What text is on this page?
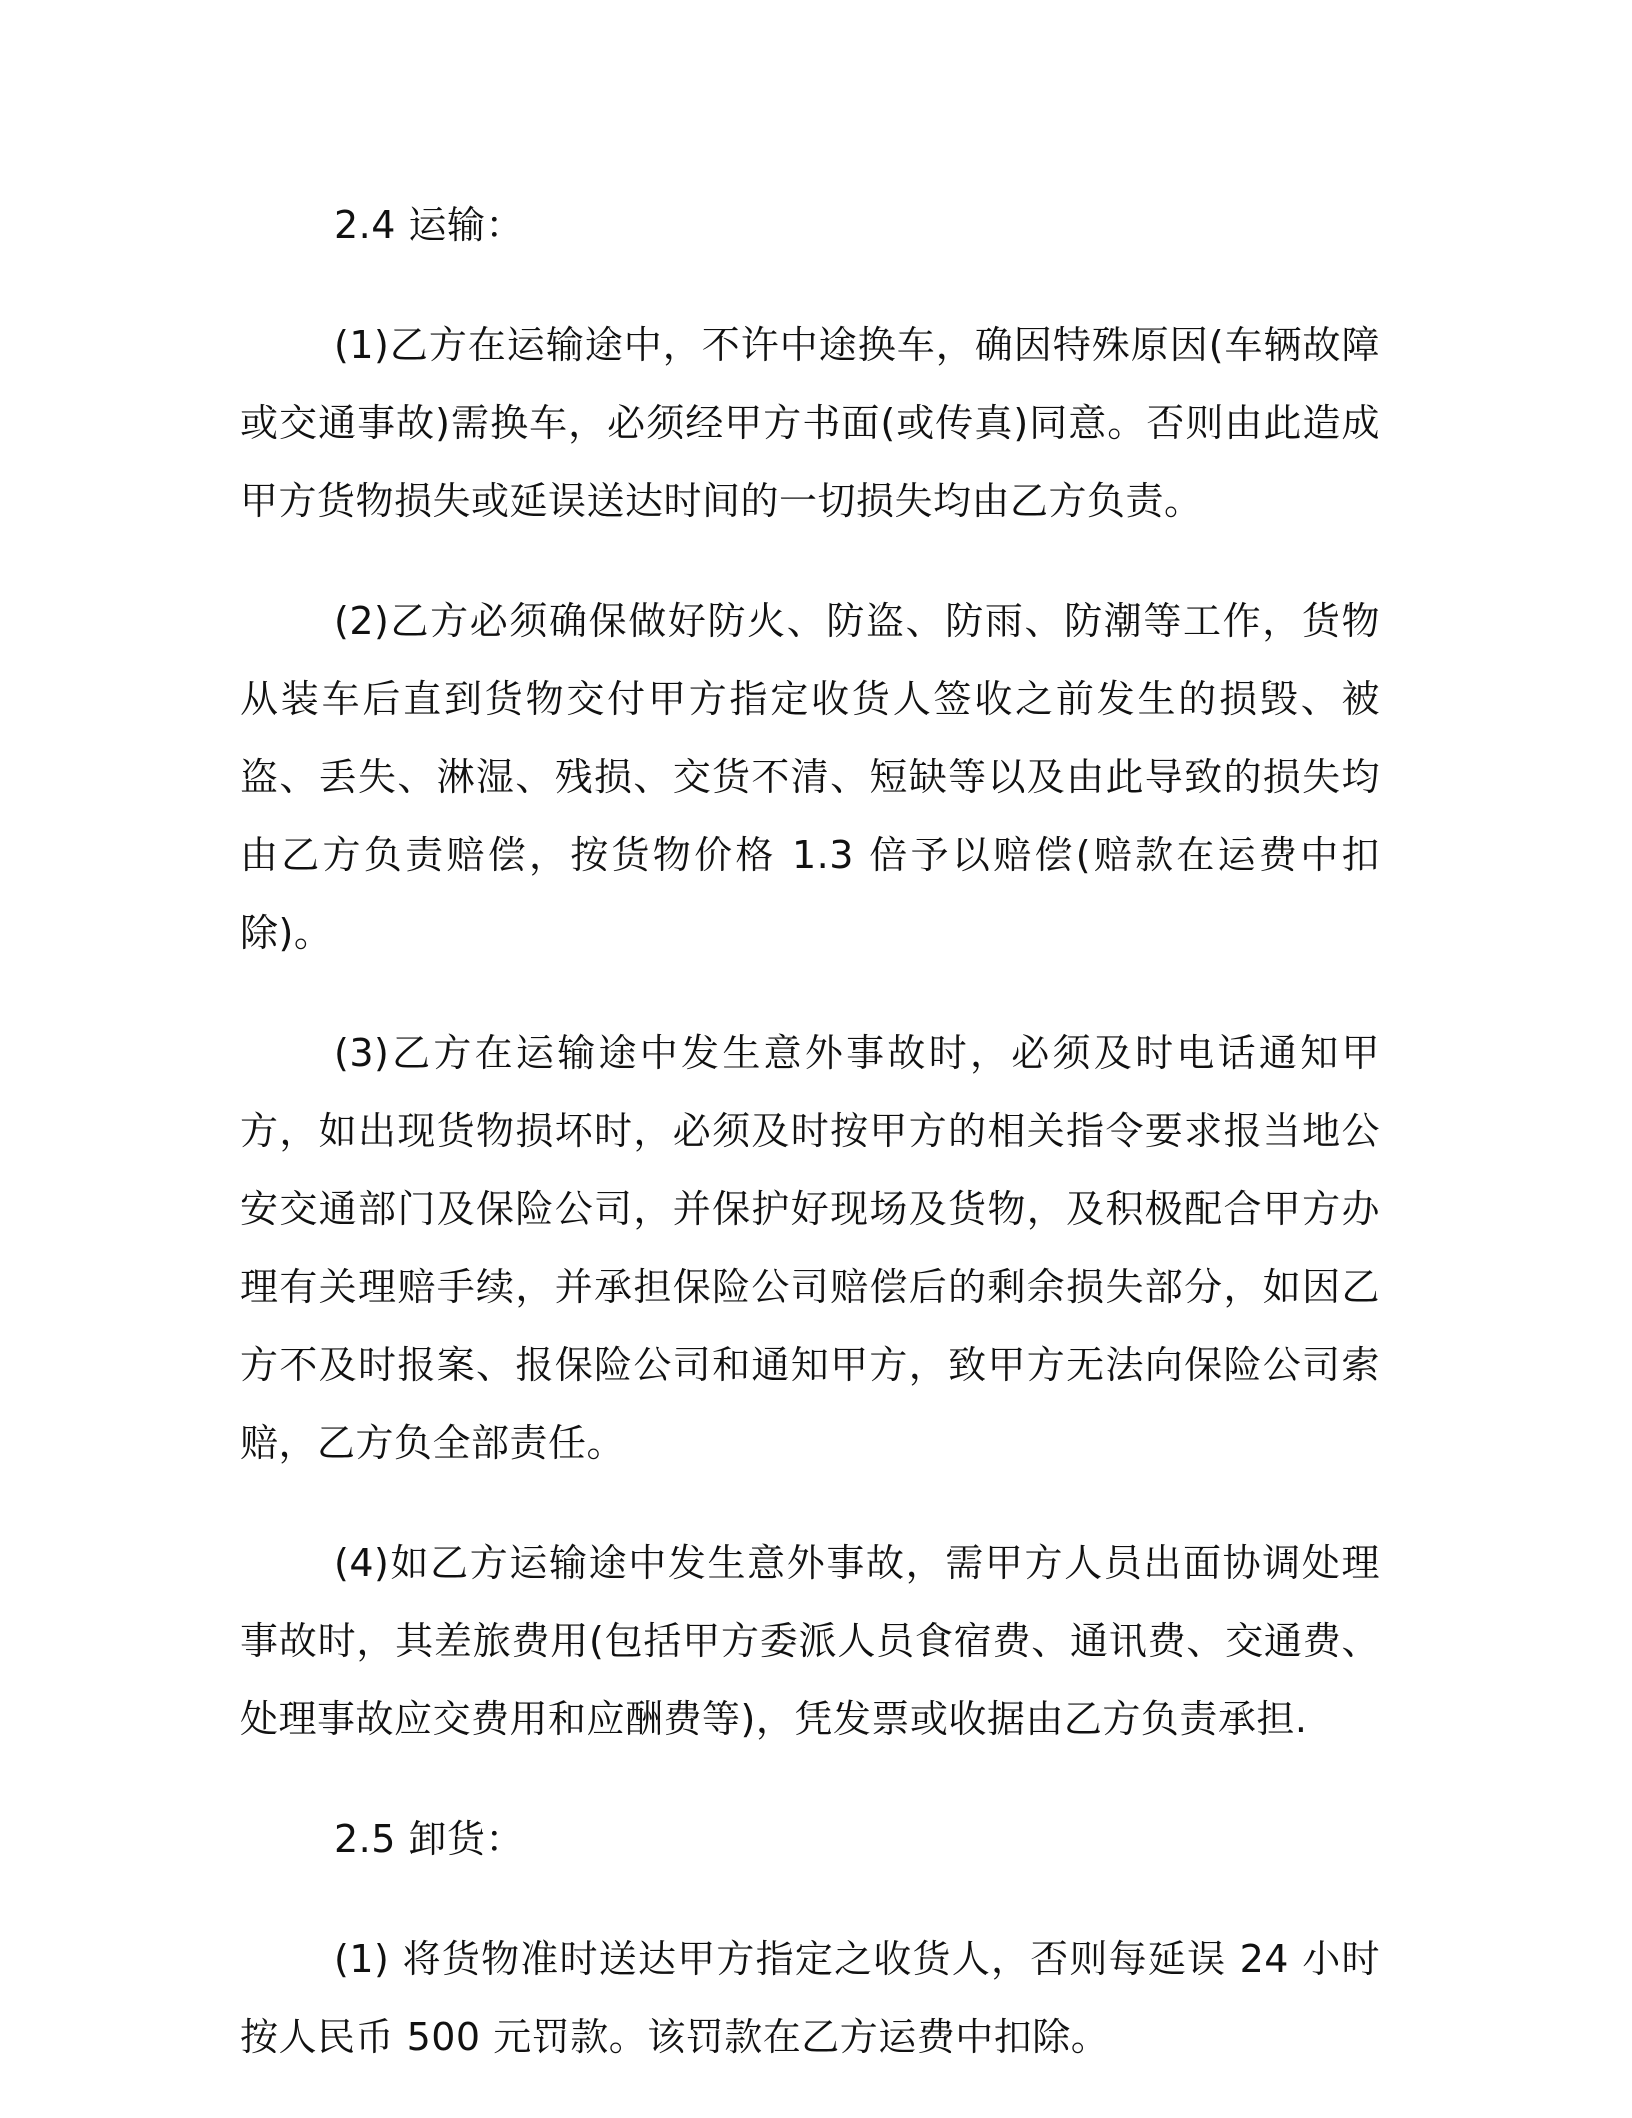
2.4 运输：

(1)乙方在运输途中，不许中途换车，确因特殊原因(车辆故障或交通事故)需换车，必须经甲方书面(或传真)同意。否则由此造成甲方货物损失或延误送达时间的一切损失均由乙方负责。

(2)乙方必须确保做好防火、防盗、防雨、防潮等工作，货物从装车后直到货物交付甲方指定收货人签收之前发生的损毁、被盗、丢失、淋湿、残损、交货不清、短缺等以及由此导致的损失均由乙方负责赔偿，按货物价格 1.3 倍予以赔偿(赔款在运费中扣除)。

(3)乙方在运输途中发生意外事故时，必须及时电话通知甲方，如出现货物损坏时，必须及时按甲方的相关指令要求报当地公安交通部门及保险公司，并保护好现场及货物，及积极配合甲方办理有关理赔手续，并承担保险公司赔偿后的剩余损失部分，如因乙方不及时报案、报保险公司和通知甲方，致甲方无法向保险公司索赔，乙方负全部责任。

(4)如乙方运输途中发生意外事故，需甲方人员出面协调处理事故时，其差旅费用(包括甲方委派人员食宿费、通讯费、交通费、处理事故应交费用和应酬费等)，凭发票或收据由乙方负责承担.

2.5 卸货：

(1) 将货物准时送达甲方指定之收货人，否则每延误 24 小时按人民币 500 元罚款。该罚款在乙方运费中扣除。
